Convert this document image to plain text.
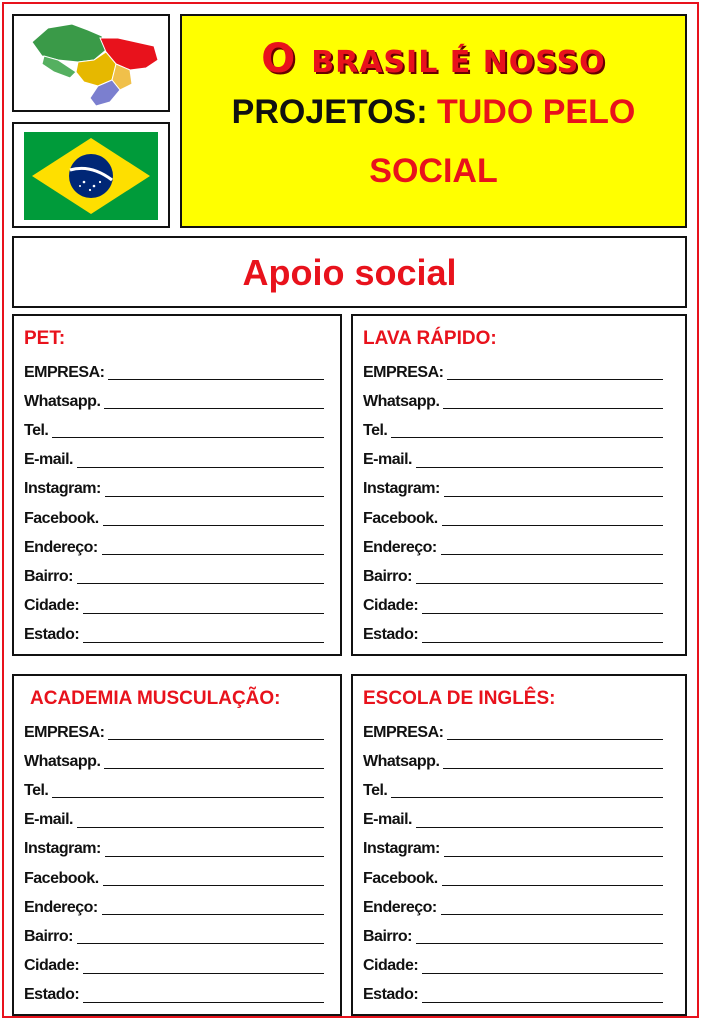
O BRASIL É NOSSO
PROJETOS: TUDO PELO
SOCIAL
Apoio social
PET:
EMPRESA:
Whatsapp.
Tel.
E-mail.
Instagram:
Facebook.
Endereço:
Bairro:
Cidade:
Estado:
LAVA RÁPIDO:
EMPRESA:
Whatsapp.
Tel.
E-mail.
Instagram:
Facebook.
Endereço:
Bairro:
Cidade:
Estado:
ACADEMIA MUSCULAÇÃO:
EMPRESA:
Whatsapp.
Tel.
E-mail.
Instagram:
Facebook.
Endereço:
Bairro:
Cidade:
Estado:
ESCOLA DE INGLÊS:
EMPRESA:
Whatsapp.
Tel.
E-mail.
Instagram:
Facebook.
Endereço:
Bairro:
Cidade:
Estado:
